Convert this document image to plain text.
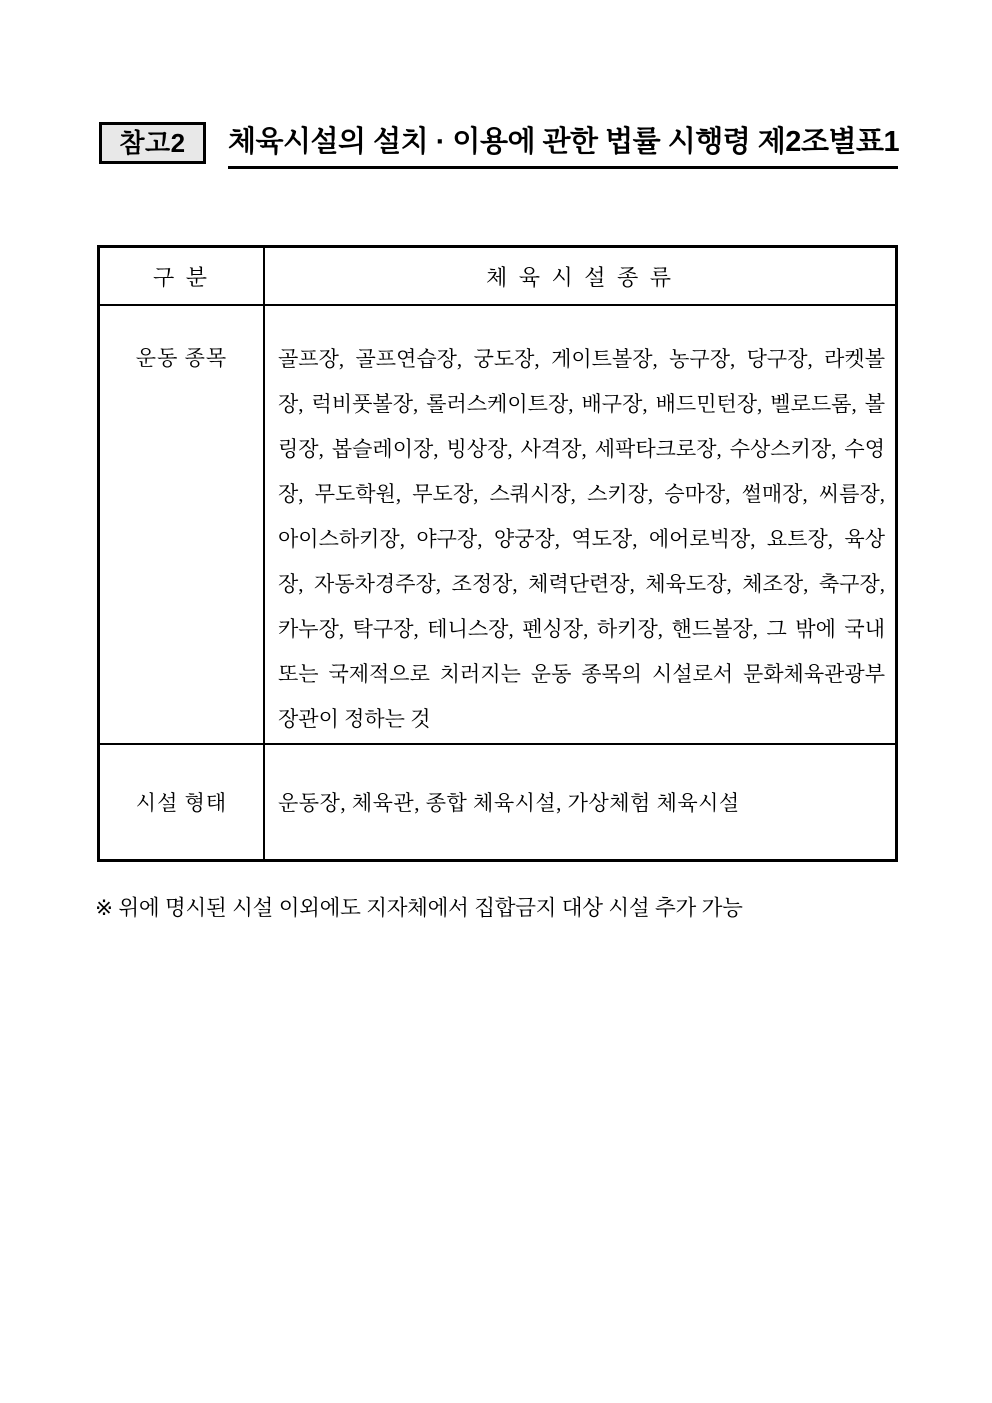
참고2	체육시설의 설치 · 이용에 관한 법률 시행령 제2조별표1
구 분	체 육 시 설 종 류
운동 종목	골프장, 골프연습장, 궁도장, 게이트볼장, 농구장, 당구장, 라켓볼
장, 럭비풋볼장, 롤러스케이트장, 배구장, 배드민턴장, 벨로드롬, 볼
링장, 봅슬레이장, 빙상장, 사격장, 세팍타크로장, 수상스키장, 수영
장, 무도학원, 무도장, 스쿼시장, 스키장, 승마장, 썰매장, 씨름장,
아이스하키장, 야구장, 양궁장, 역도장, 에어로빅장, 요트장, 육상
장, 자동차경주장, 조정장, 체력단련장, 체육도장, 체조장, 축구장,
카누장, 탁구장, 테니스장, 펜싱장, 하키장, 핸드볼장, 그 밖에 국내
또는 국제적으로 치러지는 운동 종목의 시설로서 문화체육관광부
장관이 정하는 것
시설 형태	운동장, 체육관, 종합 체육시설, 가상체험 체육시설

※ 위에 명시된 시설 이외에도 지자체에서 집합금지 대상 시설 추가 가능
